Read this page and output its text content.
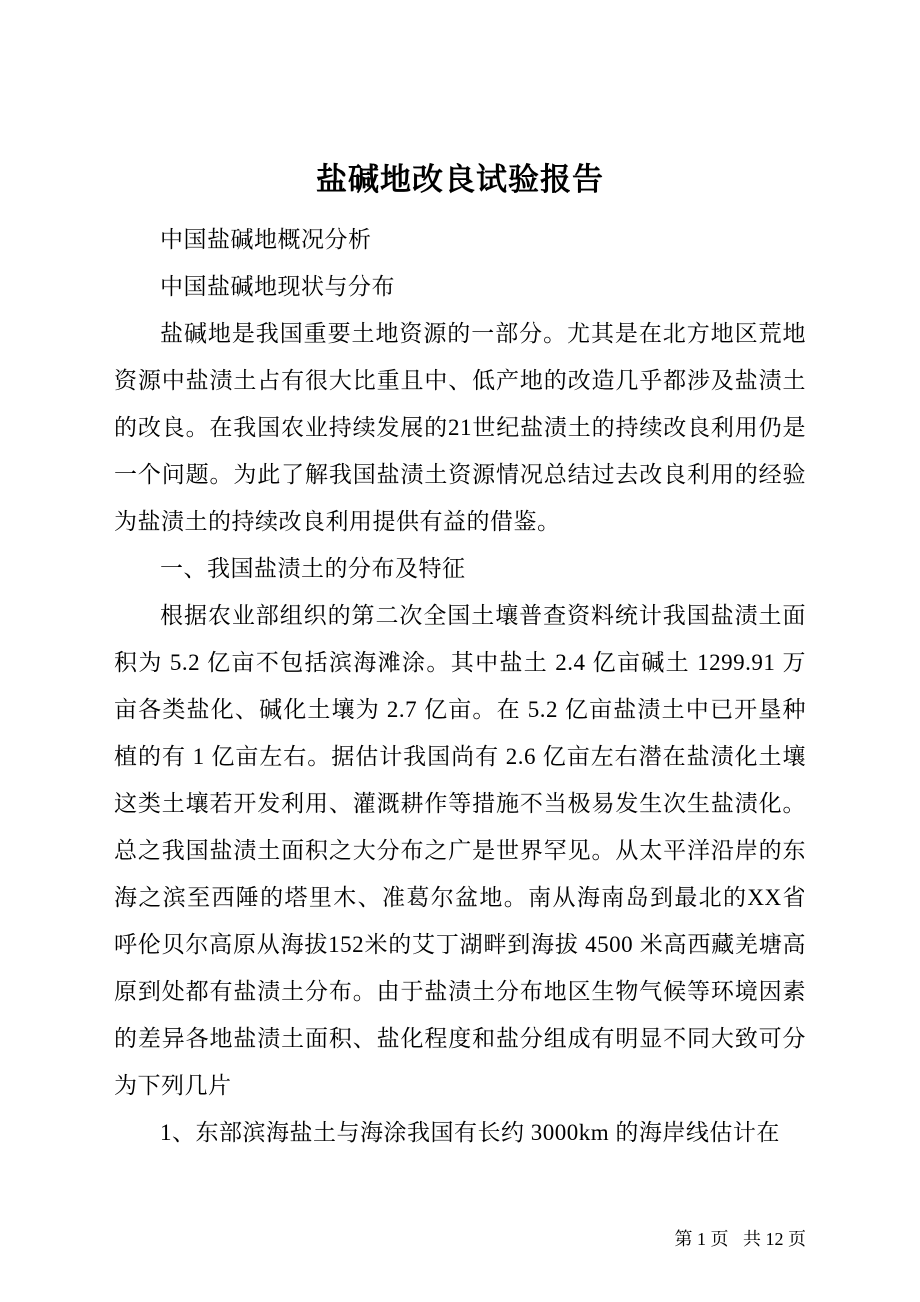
盐碱地改良试验报告

中国盐碱地概况分析

中国盐碱地现状与分布

盐碱地是我国重要土地资源的一部分。尤其是在北方地区荒地资源中盐渍土占有很大比重且中、低产地的改造几乎都涉及盐渍土的改良。在我国农业持续发展的21世纪盐渍土的持续改良利用仍是一个问题。为此了解我国盐渍土资源情况总结过去改良利用的经验为盐渍土的持续改良利用提供有益的借鉴。

一、我国盐渍土的分布及特征

根据农业部组织的第二次全国土壤普查资料统计我国盐渍土面积为 5.2 亿亩不包括滨海滩涂。其中盐土 2.4 亿亩碱土 1299.91 万亩各类盐化、碱化土壤为 2.7 亿亩。在 5.2 亿亩盐渍土中已开垦种植的有 1 亿亩左右。据估计我国尚有 2.6 亿亩左右潜在盐渍化土壤这类土壤若开发利用、灌溉耕作等措施不当极易发生次生盐渍化。总之我国盐渍土面积之大分布之广是世界罕见。从太平洋沿岸的东海之滨至西陲的塔里木、准葛尔盆地。南从海南岛到最北的XX省呼伦贝尔高原从海拔152米的艾丁湖畔到海拔 4500 米高西藏羌塘高原到处都有盐渍土分布。由于盐渍土分布地区生物气候等环境因素的差异各地盐渍土面积、盐化程度和盐分组成有明显不同大致可分为下列几片

1、东部滨海盐土与海涂我国有长约 3000km 的海岸线估计在

第 1 页 共 12 页
